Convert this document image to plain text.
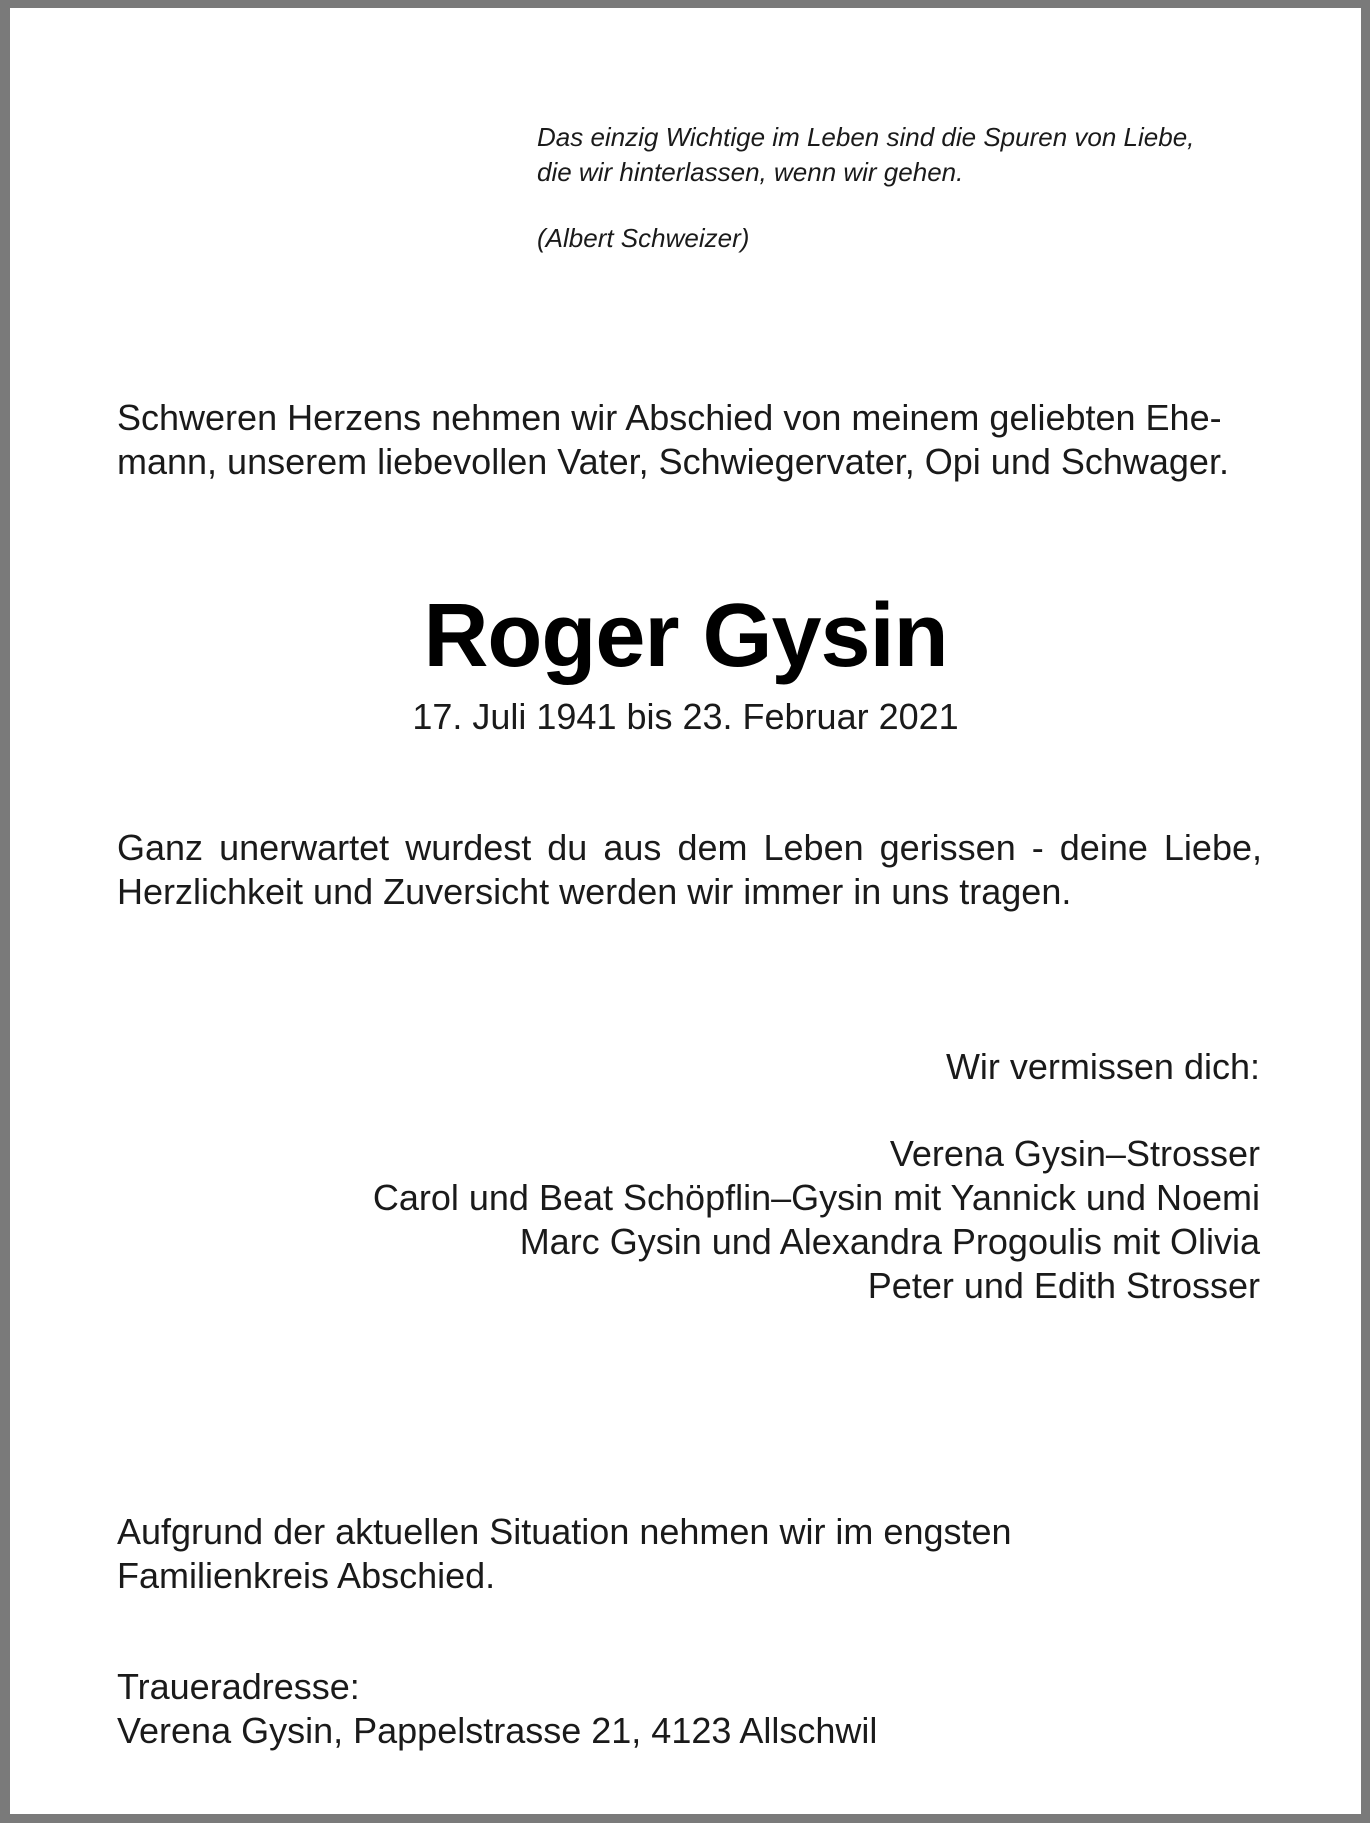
Das einzig Wichtige im Leben sind die Spuren von Liebe,
die wir hinterlassen, wenn wir gehen.
(Albert Schweizer)
Schweren Herzens nehmen wir Abschied von meinem geliebten Ehe-
mann, unserem liebevollen Vater, Schwiegervater, Opi und Schwager.
Roger Gysin
17. Juli 1941 bis 23. Februar 2021
Ganz unerwartet wurdest du aus dem Leben gerissen - deine Liebe,
Herzlichkeit und Zuversicht werden wir immer in uns tragen.
Wir vermissen dich:
Verena Gysin–Strosser
Carol und Beat Schöpflin–Gysin mit Yannick und Noemi
Marc Gysin und Alexandra Progoulis mit Olivia
Peter und Edith Strosser
Aufgrund der aktuellen Situation nehmen wir im engsten
Familienkreis Abschied.
Traueradresse:
Verena Gysin, Pappelstrasse 21, 4123 Allschwil
